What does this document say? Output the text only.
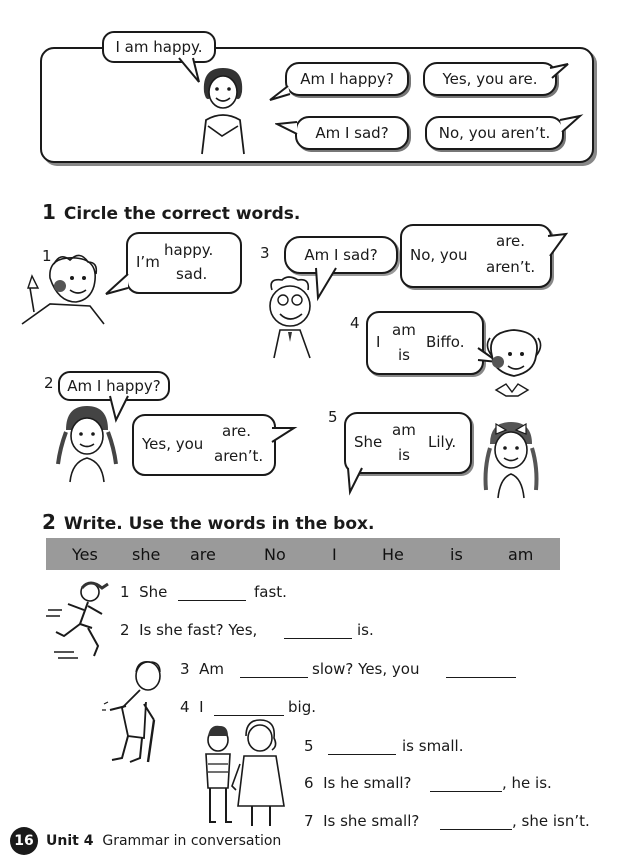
I am happy.
Am I happy?	Yes, you are.
Am I sad?	No, you aren’t.
1 Circle the correct words.
1	I’m
happy.
sad.
2 Am I happy?
Yes, you
are.
aren’t.
3 Am I sad? No, you
are.
aren’t.
4
I
am
is
Biffo.
5
She
am
is
Lily.
2 Write. Use the words in the box.
Yes she are	No	I	He	is	am
1 She	fast.
2 Is she fast? Yes,	is.
3 Am	slow? Yes, you
4 I	big.
5	is small.
6 Is he small?	, he is.
7 Is she small?	, she isn’t.
16 Unit 4 Grammar in conversation
